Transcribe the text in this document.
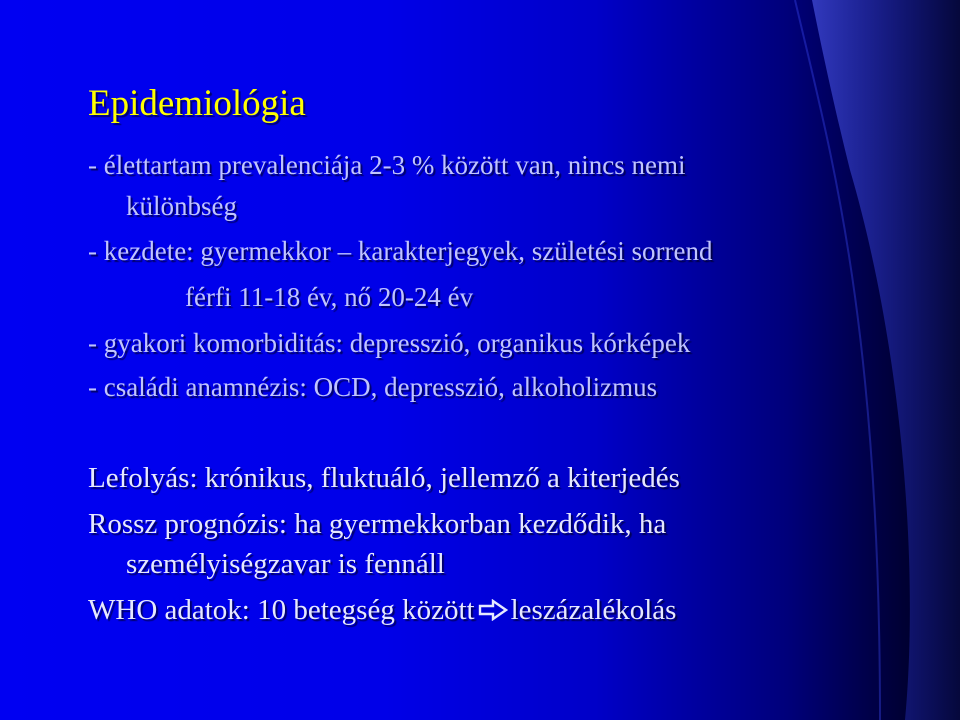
Epidemiológia
- élettartam prevalenciája 2-3 % között van, nincs nemi
különbség
- kezdete: gyermekkor – karakterjegyek, születési sorrend
férfi 11-18 év, nő 20-24 év
- gyakori komorbiditás: depresszió, organikus kórképek
- családi anamnézis: OCD, depresszió, alkoholizmus
Lefolyás: krónikus, fluktuáló, jellemző a kiterjedés
Rossz prognózis: ha gyermekkorban kezdődik, ha
személyiségzavar is fennáll
WHO adatok: 10 betegség között leszázalékolás
